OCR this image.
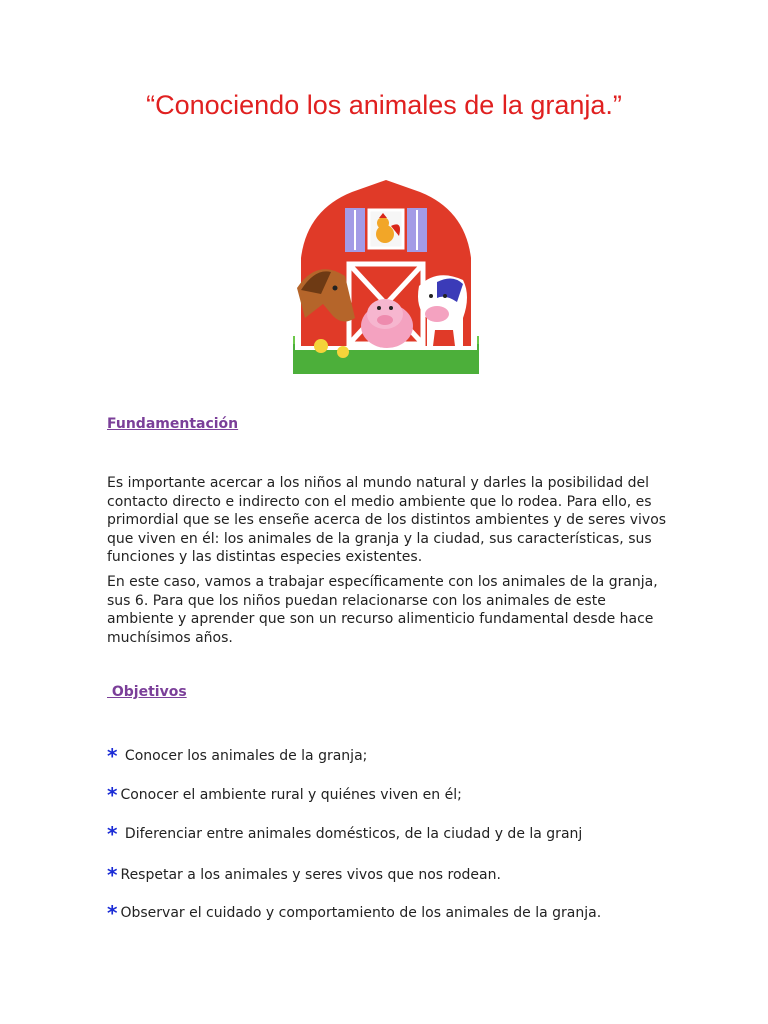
“Conociendo los animales de la granja.”
Fundamentación

Es importante acercar a los niños al mundo natural y darles la posibilidad del contacto directo e indirecto con el medio ambiente que lo rodea. Para ello, es primordial que se les enseñe acerca de los distintos ambientes y de seres vivos que viven en él: los animales de la granja y la ciudad, sus características, sus funciones y las distintas especies existentes.

En este caso, vamos a trabajar específicamente con los animales de la granja, sus 6. Para que los niños puedan relacionarse con los animales de este ambiente y aprender que son un recurso alimenticio fundamental desde hace muchísimos años.

Objetivos

* Conocer los animales de la granja;

* Conocer el ambiente rural y quiénes viven en él;

* Diferenciar entre animales domésticos, de la ciudad y de la granj

* Respetar a los animales y seres vivos que nos rodean.

* Observar el cuidado y comportamiento de los animales de la granja.
